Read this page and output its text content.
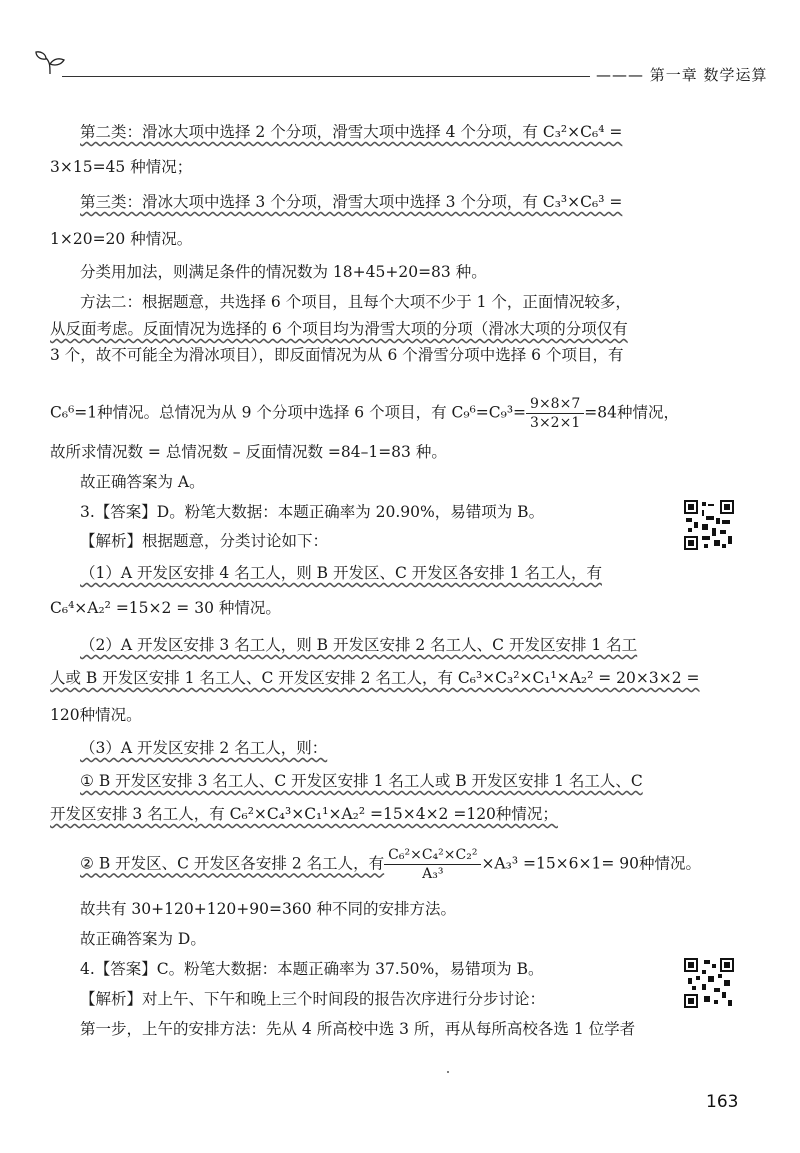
——— 第一章 数学运算
第二类：滑冰大项中选择 2 个分项，滑雪大项中选择 4 个分项，有 C₃²×C₆⁴ =
3×15=45 种情况；
第三类：滑冰大项中选择 3 个分项，滑雪大项中选择 3 个分项，有 C₃³×C₆³ =
1×20=20 种情况。
分类用加法，则满足条件的情况数为 18+45+20=83 种。
方法二：根据题意，共选择 6 个项目，且每个大项不少于 1 个，正面情况较多，
从反面考虑。反面情况为选择的 6 个项目均为滑雪大项的分项（滑冰大项的分项仅有
3 个，故不可能全为滑冰项目），即反面情况为从 6 个滑雪分项中选择 6 个项目，有
C₆⁶=1种情况。总情况为从 9 个分项中选择 6 个项目，有 $C_9^6=C_9^3= \frac{9\times 8\times 7}{3\times 2\times 1} =84$种情况，
故所求情况数 = 总情况数 – 反面情况数 =84–1=83 种。
故正确答案为 A。
3.【答案】D。粉笔大数据：本题正确率为 20.90%，易错项为 B。
【解析】根据题意，分类讨论如下：
（1）A 开发区安排 4 名工人，则 B 开发区、C 开发区各安排 1 名工人，有
C₆⁴×A₂² =15×2 = 30 种情况。
（2）A 开发区安排 3 名工人，则 B 开发区安排 2 名工人、C 开发区安排 1 名工
人或 B 开发区安排 1 名工人、C 开发区安排 2 名工人，有 C₆³×C₃²×C₁¹×A₂² = 20×3×2 =
120种情况。
（3）A 开发区安排 2 名工人，则：
① B 开发区安排 3 名工人、C 开发区安排 1 名工人或 B 开发区安排 1 名工人、C
开发区安排 3 名工人，有 C₆²×C₄³×C₁¹×A₂² =15×4×2 =120种情况；
② B 开发区、C 开发区各安排 2 名工人，有 $\frac{\text{C₆²×C₄²×C₂²}}{\text{A₃³}} \times A_3^3 =15\times 6\times 1= 90$种情况。
故共有 30+120+120+90=360 种不同的安排方法。
故正确答案为 D。
4.【答案】C。粉笔大数据：本题正确率为 37.50%，易错项为 B。
【解析】对上午、下午和晚上三个时间段的报告次序进行分步讨论：
第一步，上午的安排方法：先从 4 所高校中选 3 所，再从每所高校各选 1 位学者
163
